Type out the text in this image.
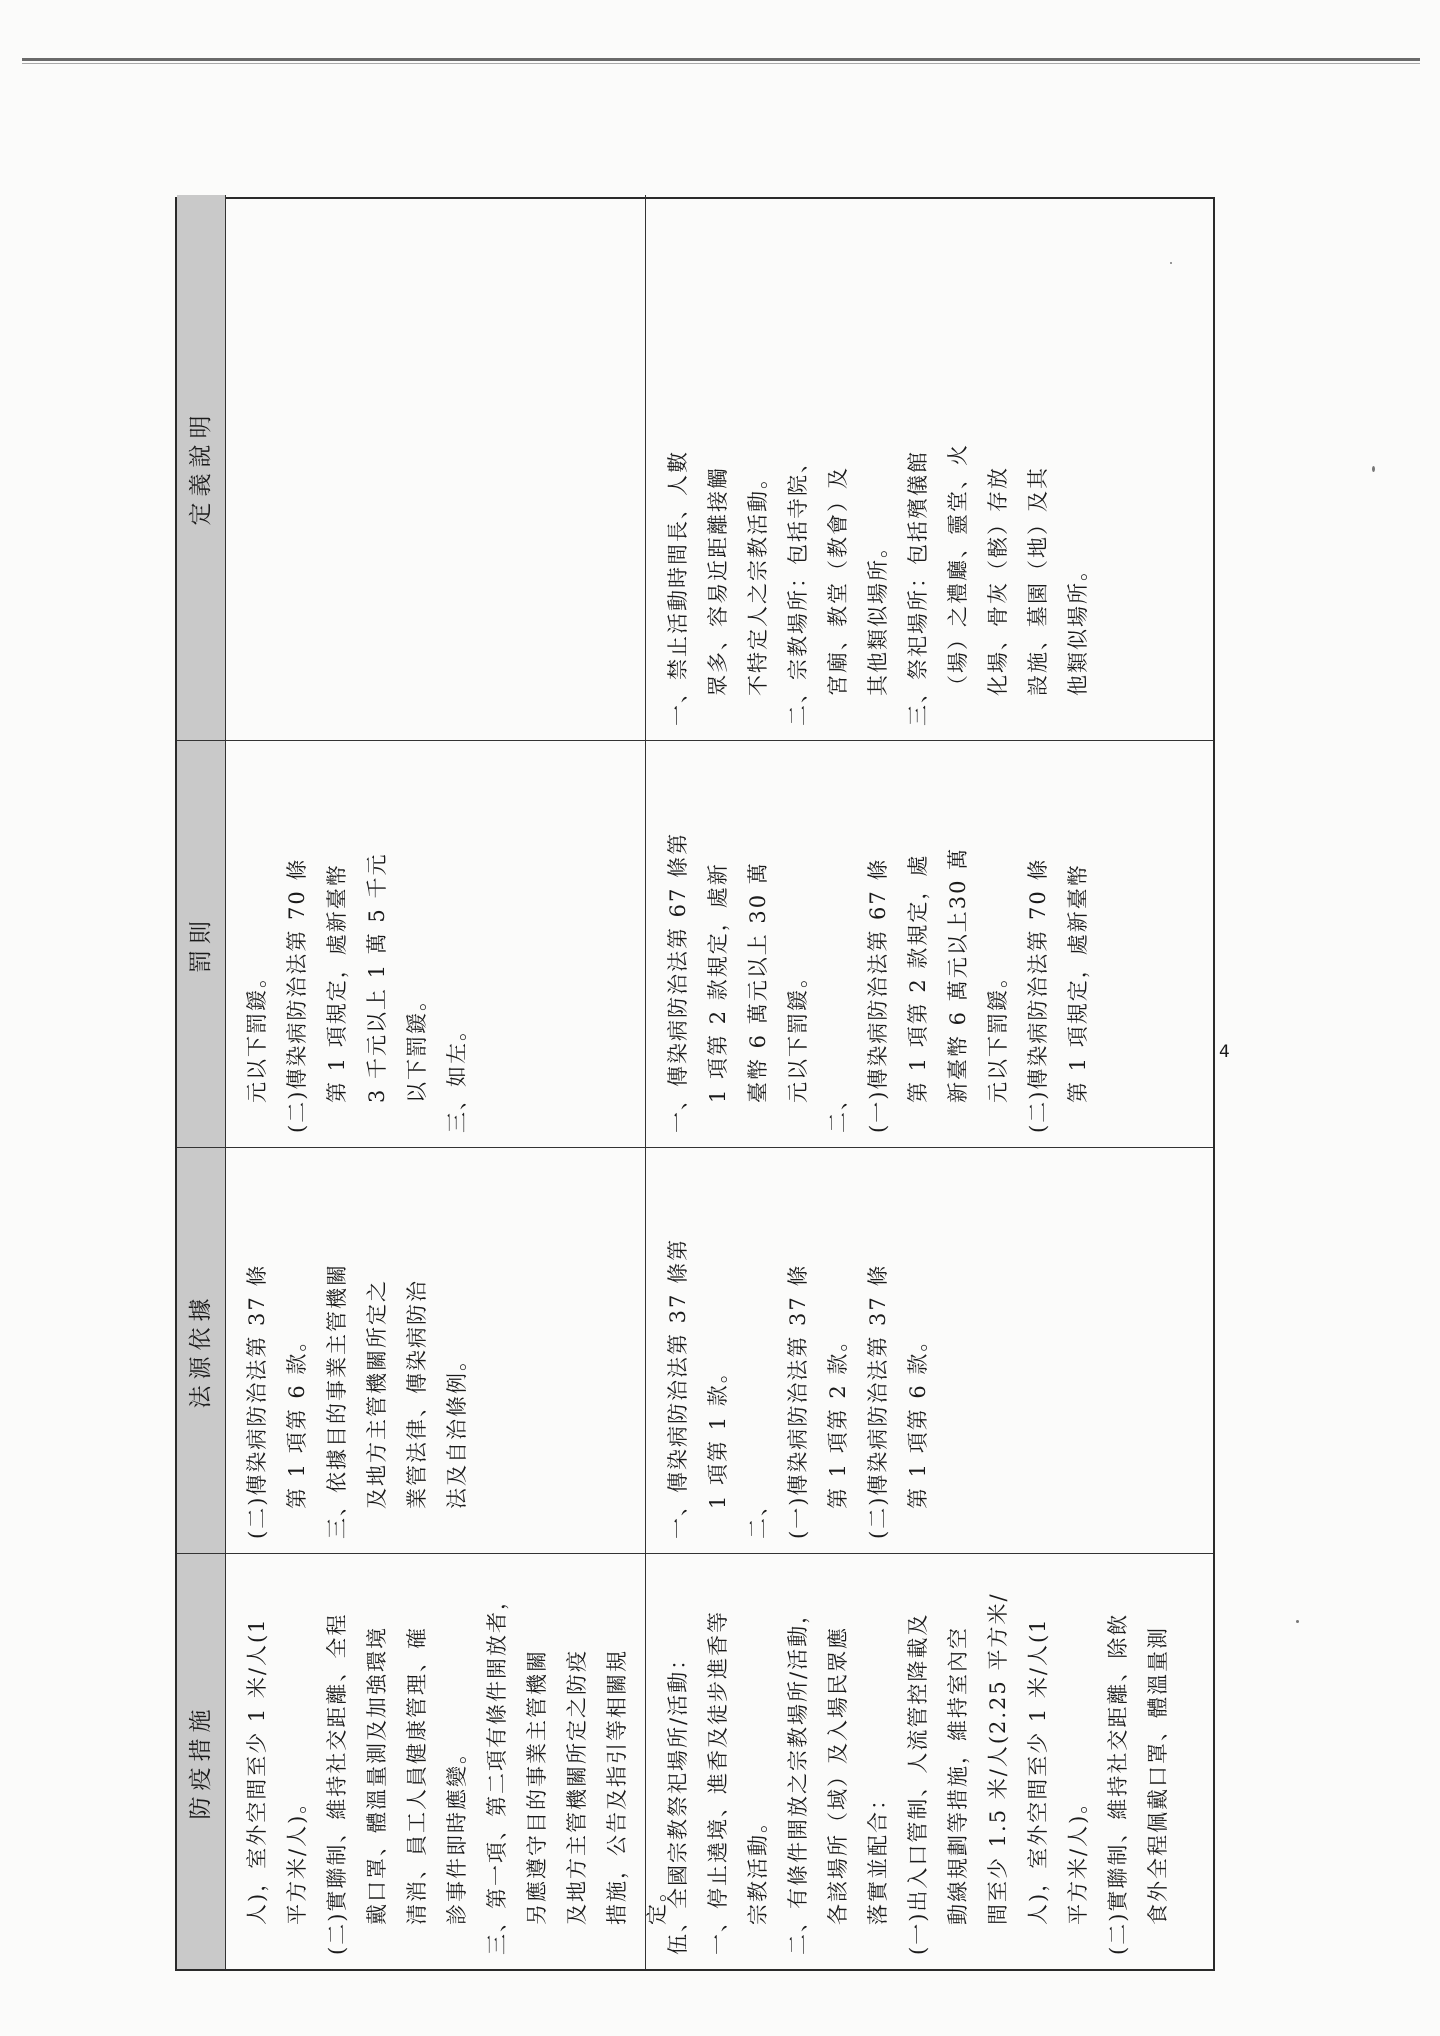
防疫措施
法源依據
罰則
定義說明
人)，室外空間至少 1 米/人(1 平方米/人)。 (二)實聯制、維持社交距離、全程 戴口罩、體溫量測及加強環境 清消、員工人員健康管理、確 診事件即時應變。 三、第一項、第二項有條件開放者， 另應遵守目的事業主管機關 及地方主管機關所定之防疫 措施，公告及指引等相關規 定。
(二)傳染病防治法第 37 條 第 1 項第 6 款。 三、依據目的事業主管機關 及地方主管機關所定之 業管法律、傳染病防治 法及自治條例。
元以下罰鍰。 (二)傳染病防治法第 70 條 第 1 項規定，處新臺幣 3 千元以上 1 萬 5 千元 以下罰鍰。 三、如左。
伍、全國宗教祭祀場所/活動： 一、停止遶境、進香及徒步進香等 宗教活動。 二、有條件開放之宗教場所/活動， 各該場所（域）及入場民眾應 落實並配合： (一)出入口管制、人流管控降載及 動線規劃等措施，維持室內空 間至少 1.5 米/人(2.25 平方米/ 人)，室外空間至少 1 米/人(1 平方米/人)。 (二)實聯制、維持社交距離、除飲 食外全程佩戴口罩、體溫量測
一、傳染病防治法第 37 條第 1 項第 1 款。
二、 (一)傳染病防治法第 37 條 第 1 項第 2 款。 (二)傳染病防治法第 37 條 第 1 項第 6 款。
一、傳染病防治法第 67 條第 1 項第 2 款規定，處新 臺幣 6 萬元以上 30 萬 元以下罰鍰。
二、 (一)傳染病防治法第 67 條 第 1 項第 2 款規定，處 新臺幣 6 萬元以上30 萬 元以下罰鍰。 (二)傳染病防治法第 70 條 第 1 項規定，處新臺幣
一、禁止活動時間長、人數 眾多、容易近距離接觸 不特定人之宗教活動。 二、宗教場所：包括寺院、 宮廟、教堂（教會）及 其他類似場所。 三、祭祀場所：包括殯儀館 （場）之禮廳、靈堂、火 化場、骨灰（骸）存放 設施、墓園（地）及其 他類似場所。
4
